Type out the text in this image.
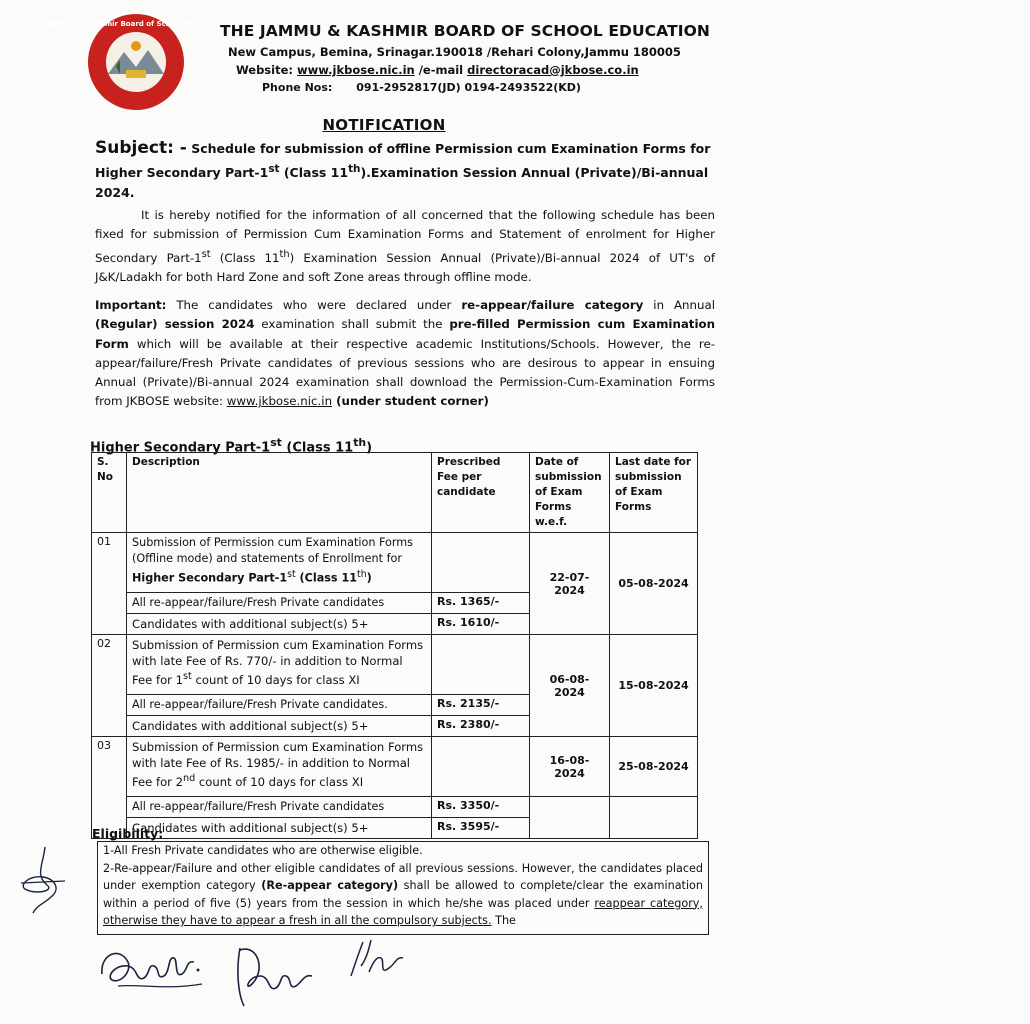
Jammu & Kashmir Board of School Education
THE JAMMU & KASHMIR BOARD OF SCHOOL EDUCATION
New Campus, Bemina, Srinagar.190018 /Rehari Colony,Jammu 180005
Website: www.jkbose.nic.in /e-mail directoracad@jkbose.co.in
Phone Nos: 091-2952817(JD) 0194-2493522(KD)
NOTIFICATION
Subject: - Schedule for submission of offline Permission cum Examination Forms for Higher Secondary Part-1st (Class 11th).Examination Session Annual (Private)/Bi-annual 2024.
It is hereby notified for the information of all concerned that the following schedule has been fixed for submission of Permission Cum Examination Forms and Statement of enrolment for Higher Secondary Part-1st (Class 11th) Examination Session Annual (Private)/Bi-annual 2024 of UT's of J&K/Ladakh for both Hard Zone and soft Zone areas through offline mode.
Important: The candidates who were declared under re-appear/failure category in Annual (Regular) session 2024 examination shall submit the pre-filled Permission cum Examination Form which will be available at their respective academic Institutions/Schools. However, the re-appear/failure/Fresh Private candidates of previous sessions who are desirous to appear in ensuing Annual (Private)/Bi-annual 2024 examination shall download the Permission-Cum-Examination Forms from JKBOSE website: www.jkbose.nic.in (under student corner)
Higher Secondary Part-1st (Class 11th)
S. No	Description	Prescribed Fee per candidate	Date of submission of Exam Forms w.e.f.	Last date for submission of Exam Forms
01	Submission of Permission cum Examination Forms (Offline mode) and statements of Enrollment for Higher Secondary Part-1st (Class 11th)		22-07-2024	05-08-2024
	All re-appear/failure/Fresh Private candidates	Rs. 1365/-		
	Candidates with additional subject(s) 5+	Rs. 1610/-		
02	Submission of Permission cum Examination Forms with late Fee of Rs. 770/- in addition to Normal Fee for 1st count of 10 days for class XI		06-08-2024	15-08-2024
	All re-appear/failure/Fresh Private candidates.	Rs. 2135/-		
	Candidates with additional subject(s) 5+	Rs. 2380/-		
03	Submission of Permission cum Examination Forms with late Fee of Rs. 1985/- in addition to Normal Fee for 2nd count of 10 days for class XI		16-08-2024	25-08-2024
	All re-appear/failure/Fresh Private candidates	Rs. 3350/-		
	Candidates with additional subject(s) 5+	Rs. 3595/-		
Eligibility:
1-All Fresh Private candidates who are otherwise eligible.
2-Re-appear/Failure and other eligible candidates of all previous sessions. However, the candidates placed under exemption category (Re-appear category) shall be allowed to complete/clear the examination within a period of five (5) years from the session in which he/she was placed under reappear category, otherwise they have to appear a fresh in all the compulsory subjects. The
